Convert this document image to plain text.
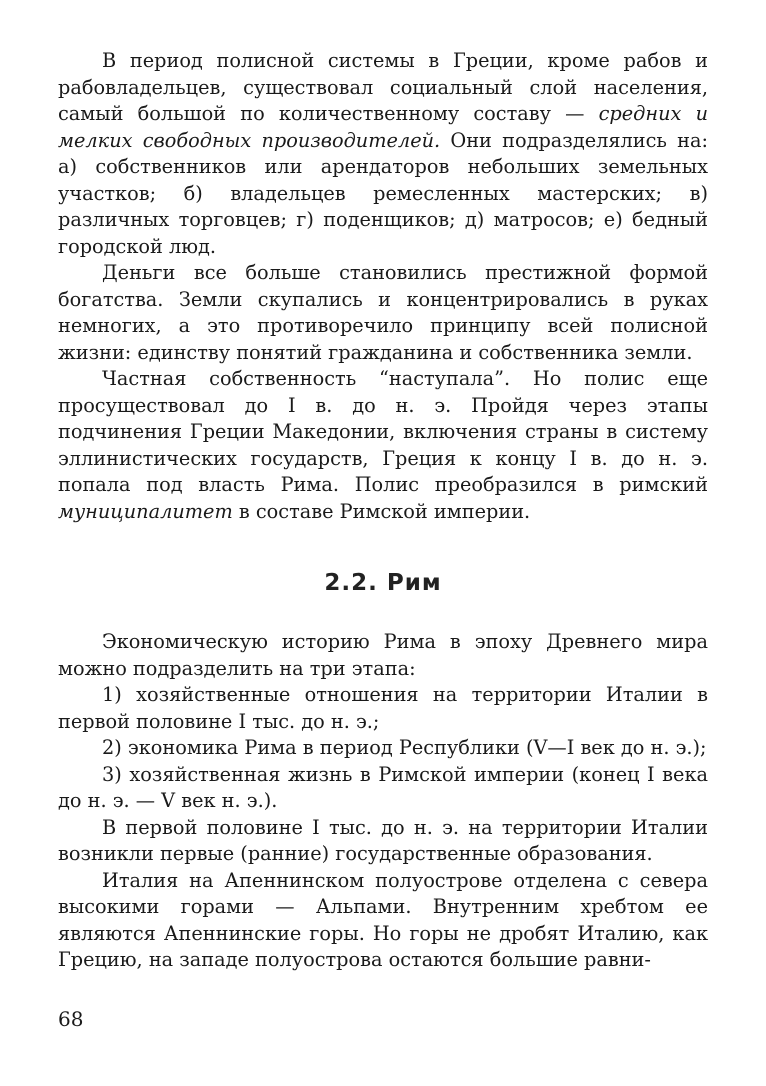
В период полисной системы в Греции, кроме рабов и рабовладельцев, существовал социальный слой населения, самый большой по количественному составу — средних и мелких свободных производителей. Они подразделялись на: а) собственников или арендаторов небольших земельных участков; б) владельцев ремесленных мастерских; в) различных торговцев; г) поденщиков; д) матросов; е) бедный городской люд.

Деньги все больше становились престижной формой богатства. Земли скупались и концентрировались в руках немногих, а это противоречило принципу всей полисной жизни: единству понятий гражданина и собственника земли.

Частная собственность “наступала”. Но полис еще просуществовал до I в. до н. э. Пройдя через этапы подчинения Греции Македонии, включения страны в систему эллинистических государств, Греция к концу I в. до н. э. попала под власть Рима. Полис преобразился в римский муниципалитет в составе Римской империи.

2.2. Рим

Экономическую историю Рима в эпоху Древнего мира можно подразделить на три этапа:

1) хозяйственные отношения на территории Италии в первой половине I тыс. до н. э.;

2) экономика Рима в период Республики (V—I век до н. э.);

3) хозяйственная жизнь в Римской империи (конец I века до н. э. — V век н. э.).

В первой половине I тыс. до н. э. на территории Италии возникли первые (ранние) государственные образования.

Италия на Апеннинском полуострове отделена с севера высокими горами — Альпами. Внутренним хребтом ее являются Апеннинские горы. Но горы не дробят Италию, как Грецию, на западе полуострова остаются большие равни-

68
